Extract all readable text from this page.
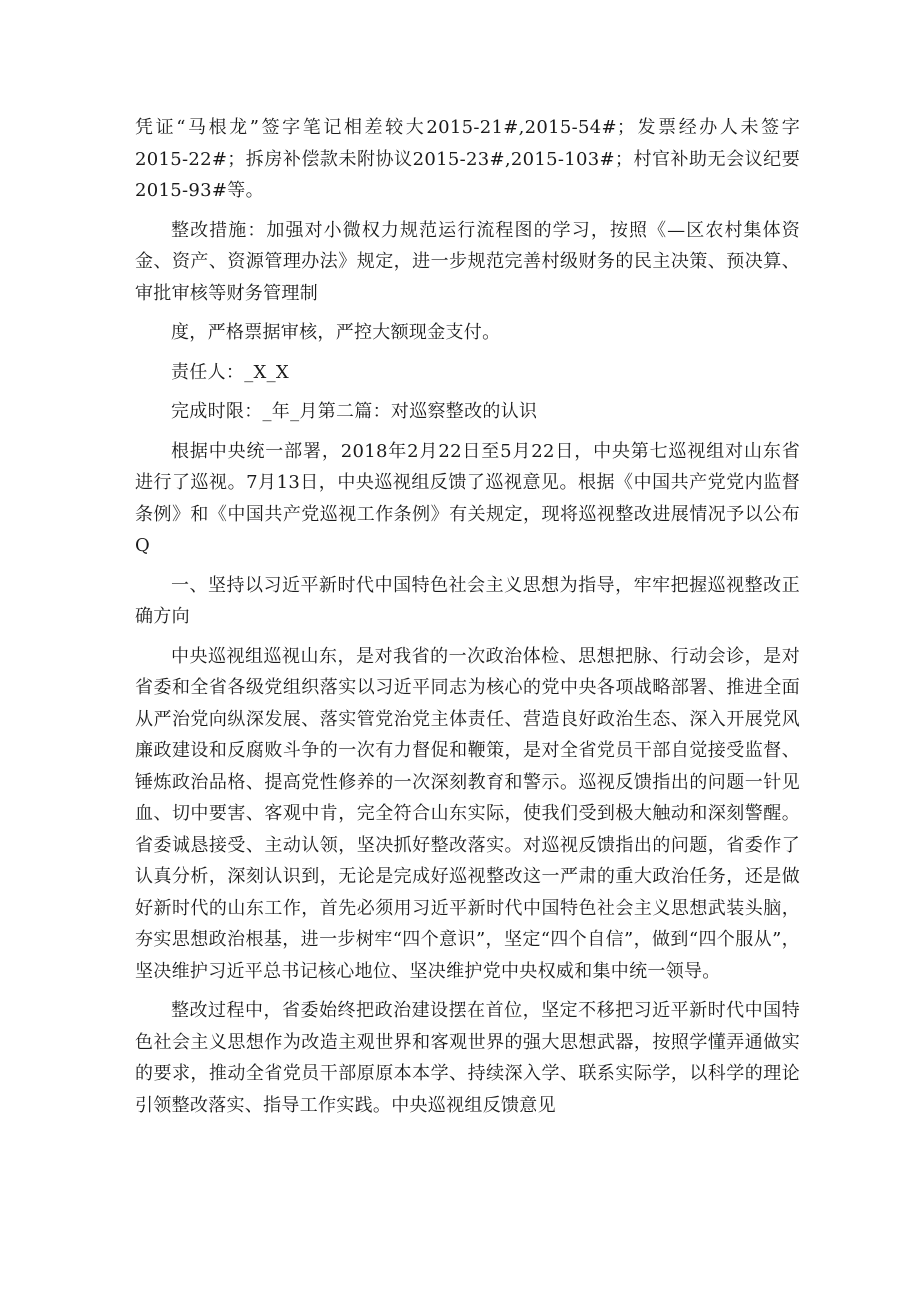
凭证“马根龙”签字笔记相差较大2015-21#,2015-54#；发票经办人未签字2015-22#；拆房补偿款未附协议2015-23#,2015-103#；村官补助无会议纪要2015-93#等。

整改措施：加强对小微权力规范运行流程图的学习，按照《—区农村集体资金、资产、资源管理办法》规定，进一步规范完善村级财务的民主决策、预决算、审批审核等财务管理制

度，严格票据审核，严控大额现金支付。

责任人：_X_X

完成时限：_年_月第二篇：对巡察整改的认识

根据中央统一部署，2018年2月22日至5月22日，中央第七巡视组对山东省进行了巡视。7月13日，中央巡视组反馈了巡视意见。根据《中国共产党党内监督条例》和《中国共产党巡视工作条例》有关规定，现将巡视整改进展情况予以公布Q

一、坚持以习近平新时代中国特色社会主义思想为指导，牢牢把握巡视整改正确方向

中央巡视组巡视山东，是对我省的一次政治体检、思想把脉、行动会诊，是对省委和全省各级党组织落实以习近平同志为核心的党中央各项战略部署、推进全面从严治党向纵深发展、落实管党治党主体责任、营造良好政治生态、深入开展党风廉政建设和反腐败斗争的一次有力督促和鞭策，是对全省党员干部自觉接受监督、锤炼政治品格、提高党性修养的一次深刻教育和警示。巡视反馈指出的问题一针见血、切中要害、客观中肯，完全符合山东实际，使我们受到极大触动和深刻警醒。省委诚恳接受、主动认领，坚决抓好整改落实。对巡视反馈指出的问题，省委作了认真分析，深刻认识到，无论是完成好巡视整改这一严肃的重大政治任务，还是做好新时代的山东工作，首先必须用习近平新时代中国特色社会主义思想武装头脑，夯实思想政治根基，进一步树牢“四个意识”，坚定“四个自信”，做到“四个服从”，坚决维护习近平总书记核心地位、坚决维护党中央权威和集中统一领导。

整改过程中，省委始终把政治建设摆在首位，坚定不移把习近平新时代中国特色社会主义思想作为改造主观世界和客观世界的强大思想武器，按照学懂弄通做实的要求，推动全省党员干部原原本本学、持续深入学、联系实际学，以科学的理论引领整改落实、指导工作实践。中央巡视组反馈意见
